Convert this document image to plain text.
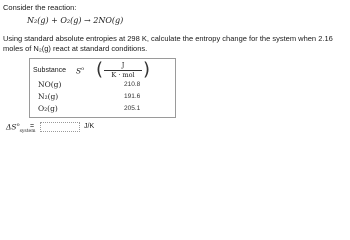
Consider the reaction:
N₂(g) + O₂(g) → 2NO(g)
Using standard absolute entropies at 298 K, calculate the entropy change for the system when 2.16 moles of N₂(g) react at standard conditions.
Substance $S^o$ (	J
K · mol )
NO(g)	210.8
N₂(g)	191.6
O₂(g)	205.1
$\Delta S^o_{system}$
=	J/K
